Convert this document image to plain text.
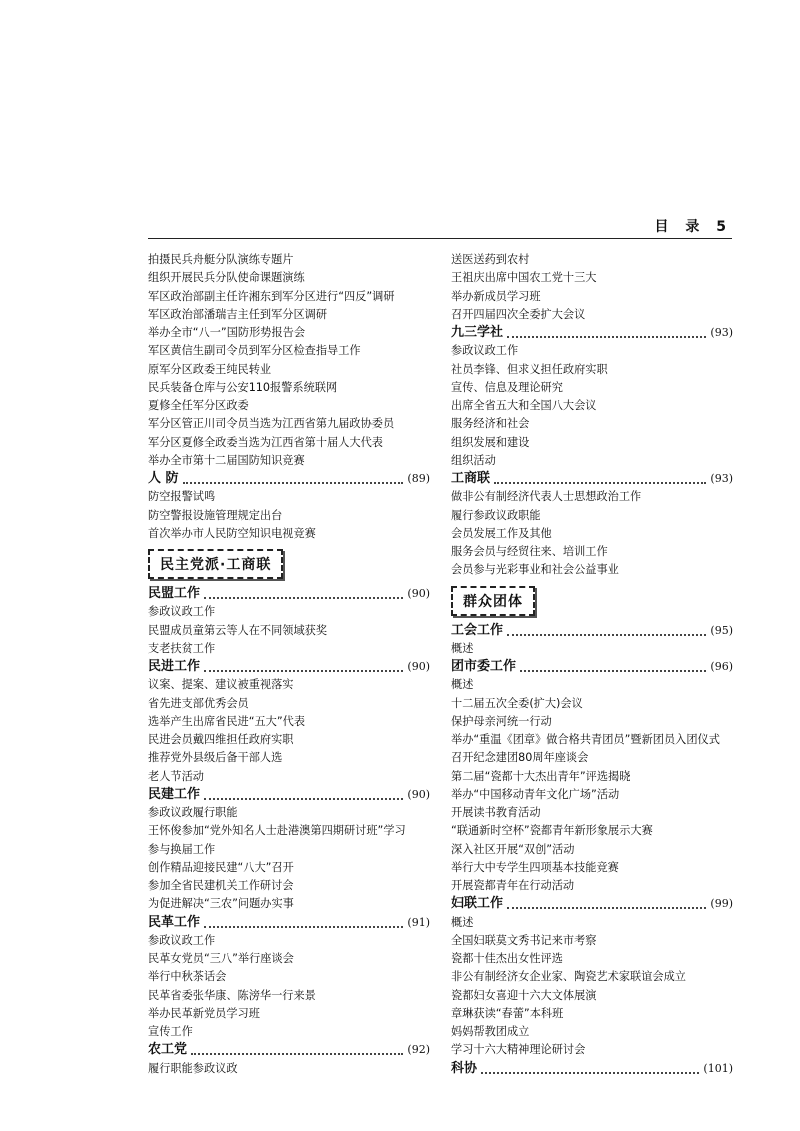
目 录 5
拍摄民兵舟艇分队演练专题片
组织开展民兵分队使命课题演练
军区政治部副主任许湘东到军分区进行“四反”调研
军区政治部潘瑞吉主任到军分区调研
举办全市“八一”国防形势报告会
军区黄信生副司令员到军分区检查指导工作
原军分区政委王纯民转业
民兵装备仓库与公安110报警系统联网
夏修全任军分区政委
军分区管正川司令员当选为江西省第九届政协委员
军分区夏修全政委当选为江西省第十届人大代表
举办全市第十二届国防知识竞赛
人 防	(89)
防空报警试鸣
防空警报设施管理规定出台
首次举办市人民防空知识电视竞赛
民主党派·工商联
民盟工作	(90)
参政议政工作
民盟成员童第云等人在不同领域获奖
支老扶贫工作
民进工作	(90)
议案、提案、建议被重视落实
省先进支部优秀会员
选举产生出席省民进“五大”代表
民进会员戴四维担任政府实职
推荐党外县级后备干部人选
老人节活动
民建工作	(90)
参政议政履行职能
王怀俊参加“党外知名人士赴港澳第四期研讨班”学习
参与换届工作
创作精品迎接民建“八大”召开
参加全省民建机关工作研讨会
为促进解决“三农”问题办实事
民革工作	(91)
参政议政工作
民革女党员“三八”举行座谈会
举行中秋茶话会
民革省委张华康、陈滂华一行来景
举办民革新党员学习班
宣传工作
农工党	(92)
履行职能参政议政
送医送药到农村
王祖庆出席中国农工党十三大
举办新成员学习班
召开四届四次全委扩大会议
九三学社	(93)
参政议政工作
社员李锋、但求义担任政府实职
宣传、信息及理论研究
出席全省五大和全国八大会议
服务经济和社会
组织发展和建设
组织活动
工商联	(93)
做非公有制经济代表人士思想政治工作
履行参政议政职能
会员发展工作及其他
服务会员与经贸往来、培训工作
会员参与光彩事业和社会公益事业
群众团体
工会工作	(95)
概述
团市委工作	(96)
概述
十二届五次全委(扩大)会议
保护母亲河统一行动
举办“重温《团章》做合格共青团员”暨新团员入团仪式
召开纪念建团80周年座谈会
第二届“瓷都十大杰出青年”评选揭晓
举办“中国移动青年文化广场”活动
开展读书教育活动
“联通新时空杯”瓷都青年新形象展示大赛
深入社区开展“双创”活动
举行大中专学生四项基本技能竞赛
开展瓷都青年在行动活动
妇联工作	(99)
概述
全国妇联莫文秀书记来市考察
瓷都十佳杰出女性评选
非公有制经济女企业家、陶瓷艺术家联谊会成立
瓷都妇女喜迎十六大文体展演
章琳获读“春蕾”本科班
妈妈帮教团成立
学习十六大精神理论研讨会
科协	(101)
